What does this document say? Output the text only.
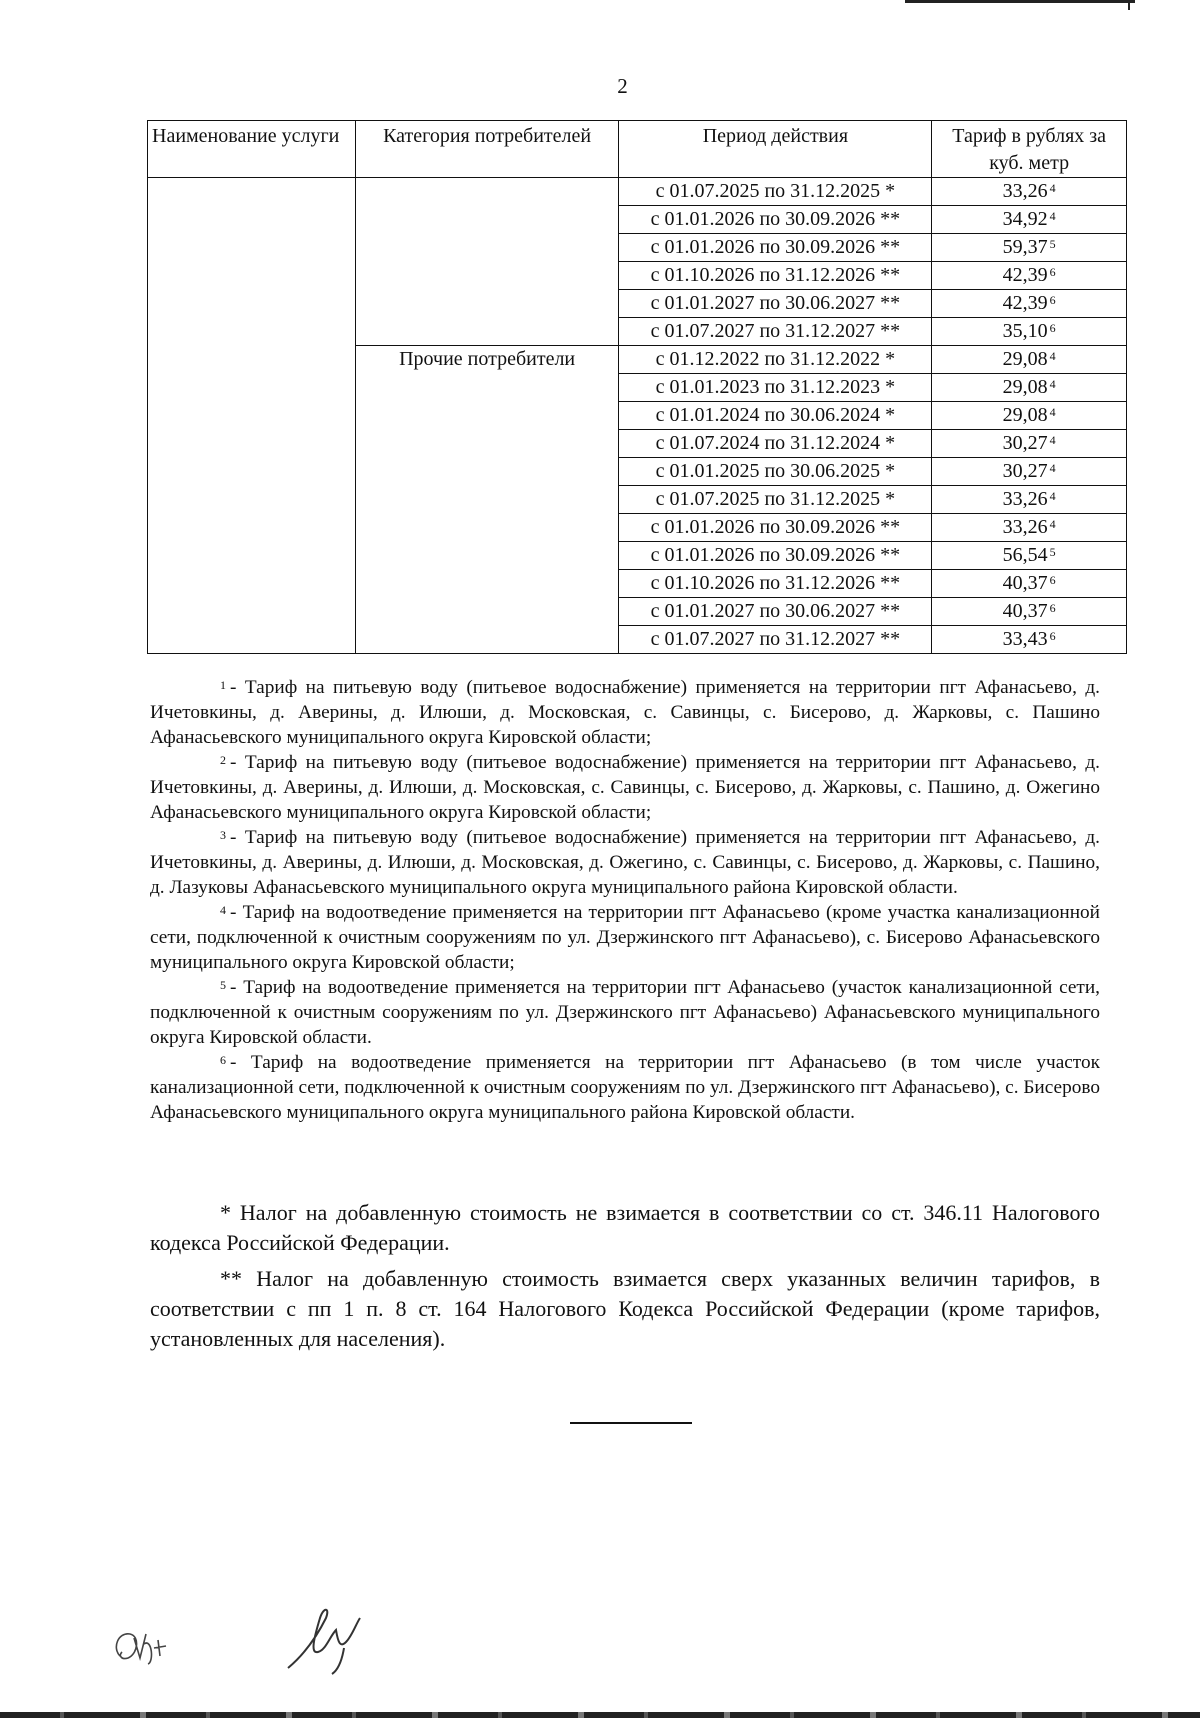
2
Наименование услуги	Категория потребителей	Период действия	Тариф в рублях за
куб. метр
		с 01.07.2025 по 31.12.2025 *	33,26 $^4$
		с 01.01.2026 по 30.09.2026 **	34,92 $^4$
		с 01.01.2026 по 30.09.2026 **	59,37 $^5$
		с 01.10.2026 по 31.12.2026 **	42,39 $^6$
		с 01.01.2027 по 30.06.2027 **	42,39 $^6$
		с 01.07.2027 по 31.12.2027 **	35,10 $^6$
	Прочие потребители	с 01.12.2022 по 31.12.2022 *	29,08 $^4$
		с 01.01.2023 по 31.12.2023 *	29,08 $^4$
		с 01.01.2024 по 30.06.2024 *	29,08 $^4$
		с 01.07.2024 по 31.12.2024 *	30,27 $^4$
		с 01.01.2025 по 30.06.2025 *	30,27 $^4$
		с 01.07.2025 по 31.12.2025 *	33,26 $^4$
		с 01.01.2026 по 30.09.2026 **	33,26 $^4$
		с 01.01.2026 по 30.09.2026 **	56,54 $^5$
		с 01.10.2026 по 31.12.2026 **	40,37 $^6$
		с 01.01.2027 по 30.06.2027 **	40,37 $^6$
		с 01.07.2027 по 31.12.2027 **	33,43 $^6$

$^1$ - Тариф на питьевую воду (питьевое водоснабжение) применяется на территории пгт Афанасьево, д. Ичетовкины, д. Аверины, д. Илюши, д. Московская, с. Савинцы, с. Бисерово, д. Жарковы, с. Пашино Афанасьевского муниципального округа Кировской области;

$^2$ - Тариф на питьевую воду (питьевое водоснабжение) применяется на территории пгт Афанасьево, д. Ичетовкины, д. Аверины, д. Илюши, д. Московская, с. Савинцы, с. Бисерово, д. Жарковы, с. Пашино, д. Ожегино Афанасьевского муниципального округа Кировской области;

$^3$ - Тариф на питьевую воду (питьевое водоснабжение) применяется на территории пгт Афанасьево, д. Ичетовкины, д. Аверины, д. Илюши, д. Московская, д. Ожегино, с. Савинцы, с. Бисерово, д. Жарковы, с. Пашино, д. Лазуковы Афанасьевского муниципального округа муниципального района Кировской области.

$^4$ - Тариф на водоотведение применяется на территории пгт Афанасьево (кроме участка канализационной сети, подключенной к очистным сооружениям по ул. Дзержинского пгт Афанасьево), с. Бисерово Афанасьевского муниципального округа Кировской области;

$^5$ - Тариф на водоотведение применяется на территории пгт Афанасьево (участок канализационной сети, подключенной к очистным сооружениям по ул. Дзержинского пгт Афанасьево) Афанасьевского муниципального округа Кировской области.

$^6$ - Тариф на водоотведение применяется на территории пгт Афанасьево (в том числе участок канализационной сети, подключенной к очистным сооружениям по ул. Дзержинского пгт Афанасьево), с. Бисерово Афанасьевского муниципального округа муниципального района Кировской области.

* Налог на добавленную стоимость не взимается в соответствии со ст. 346.11 Налогового кодекса Российской Федерации.

** Налог на добавленную стоимость взимается сверх указанных величин тарифов, в соответствии с пп 1 п. 8 ст. 164 Налогового Кодекса Российской Федерации (кроме тарифов, установленных для населения).
